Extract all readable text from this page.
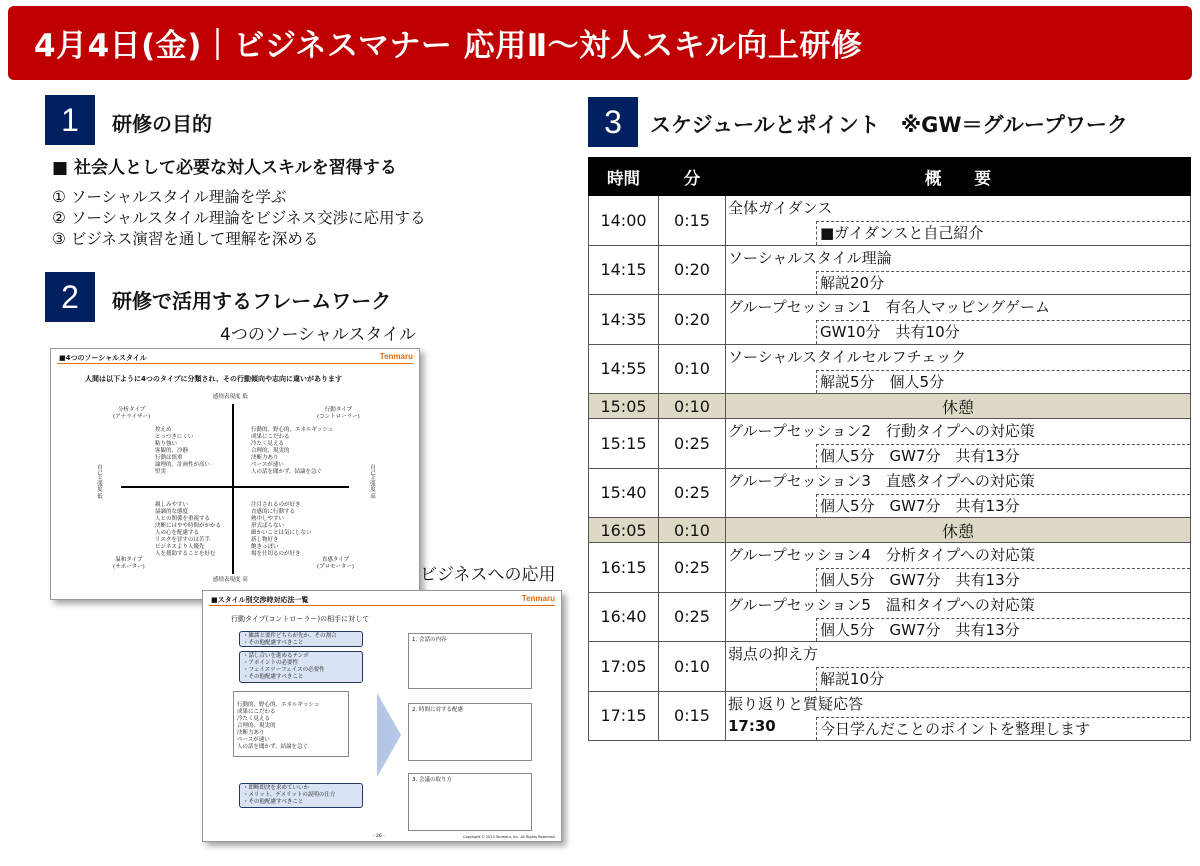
4月4日(金)｜ビジネスマナー 応用Ⅱ～対人スキル向上研修
1	研修の目的
■ 社会人として必要な対人スキルを習得する
① ソーシャルスタイル理論を学ぶ
② ソーシャルスタイル理論をビジネス交渉に応用する
③ ビジネス演習を通して理解を深める
2	研修で活用するフレームワーク
4つのソーシャルスタイル
ビジネスへの応用
■4つのソーシャルスタイル	Tenmaru
人間は以下ように4つのタイプに分類され、その行動傾向や志向に違いがあります
感情表現度 低
感情表現度 高
自己主張度 低	自己主張度 高
分析タイプ
(アナライザー)
行動タイプ
(コントローラー)
温和タイプ
(サポーター)
直感タイプ
(プロモーター)
控えめ
とっつきにくい
粘り強い
客観的、冷静
行動は慎重
論理的、計画性が高い
堅実
行動的、野心的、エネルギッシュ
成果にこだわる
冷たく見える
合理的、現実的
決断力あり
ペースが速い
人の話を聞かず、結論を急ぐ
親しみやすい
協調的な態度
人との関係を重視する
決断にはやや時間がかかる
人の心を配慮する
リスクを冒すのは苦手
ビジネスより人優先
人を援助することを好む
注目されるのが好き
直感的に行動する
熱中しやすい
形式ばらない
細かいことは気にしない
新し物好き
飽きっぽい
場を仕切るのが好き
■スタイル別交渉時対応法一覧	Tenmaru
行動タイプ(コントローラー)の相手に対して
・雑談と要件どちらが先か、その割合
・その他配慮すべきこと
・話し合いを進めるテンポ
・アポイントの必要性
・フェイスツーフェイスの必要性
・その他配慮すべきこと
行動的、野心的、エネルギッシュ
成果にこだわる
冷たく見える
合理的、現実的
決断力あり
ペースが速い
人の話を聞かず、結論を急ぐ
・即断即決を求めていいか
・メリット、デメリットの説明の仕方
・その他配慮すべきこと
1. 会話の内容
2. 時間に対する配慮
3. 会議の取り方
- 26 -	Copyright © 2023 Tenmaru, inc. All Rights Reserved.
3	スケジュールとポイント　※GW＝グループワーク
時間	分	概　　要
14:00	0:15	全体ガイダンス
■ガイダンスと自己紹介

14:15	0:20	ソーシャルスタイル理論
解説20分

14:35	0:20	グループセッション1　有名人マッピングゲーム
GW10分　共有10分

14:55	0:10	ソーシャルスタイルセルフチェック
解説5分　個人5分

15:05	0:10	休憩
15:15	0:25	グループセッション2　行動タイプへの対応策
個人5分　GW7分　共有13分

15:40	0:25	グループセッション3　直感タイプへの対応策
個人5分　GW7分　共有13分

16:05	0:10	休憩
16:15	0:25	グループセッション4　分析タイプへの対応策
個人5分　GW7分　共有13分

16:40	0:25	グループセッション5　温和タイプへの対応策
個人5分　GW7分　共有13分

17:05	0:10	弱点の抑え方
解説10分

17:15	0:15	振り返りと質疑応答
17:30 今日学んだことのポイントを整理します
